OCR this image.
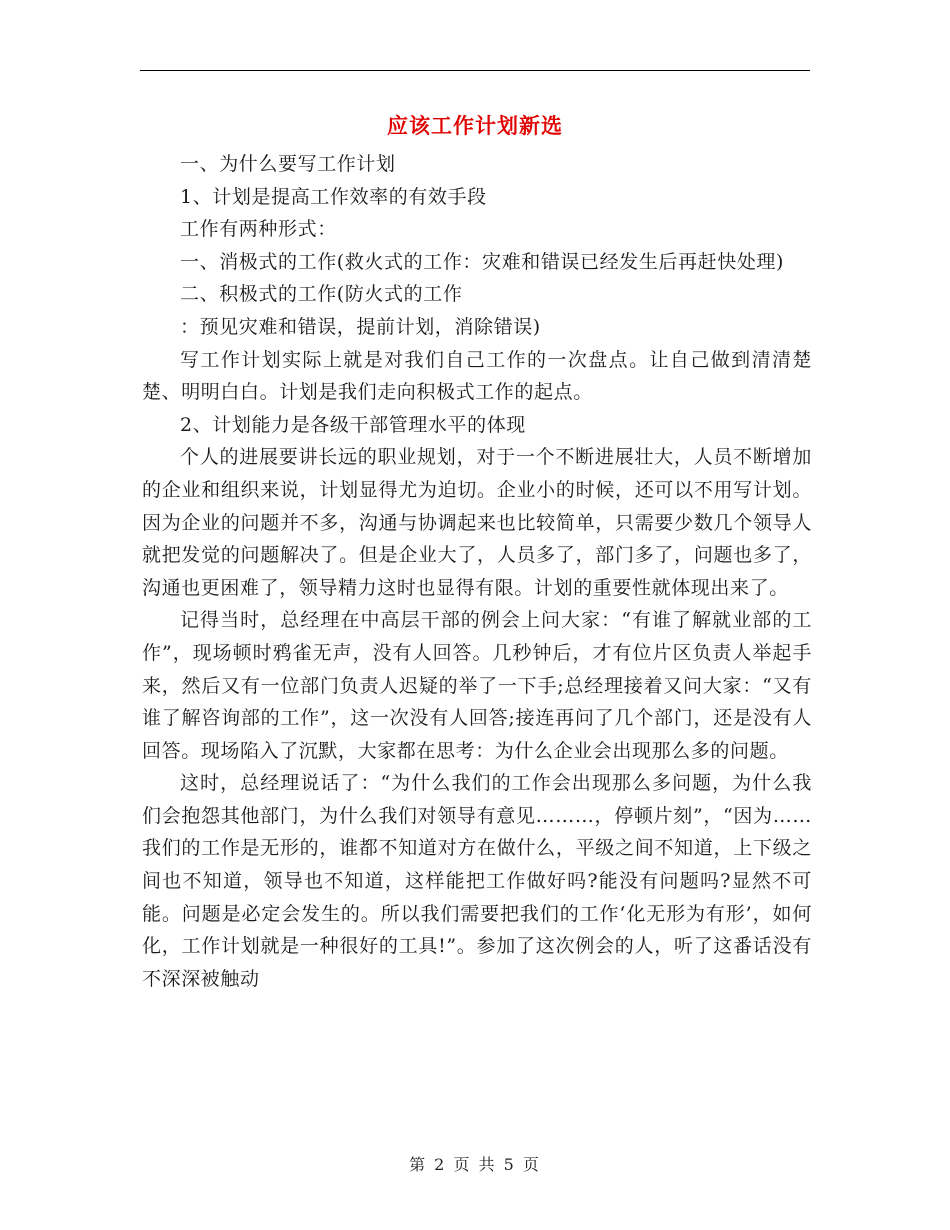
应该工作计划新选

一、为什么要写工作计划

1、计划是提高工作效率的有效手段

工作有两种形式：

一、消极式的工作(救火式的工作：灾难和错误已经发生后再赶快处理)

二、积极式的工作(防火式的工作

：预见灾难和错误，提前计划，消除错误)

写工作计划实际上就是对我们自己工作的一次盘点。让自己做到清清楚楚、明明白白。计划是我们走向积极式工作的起点。

2、计划能力是各级干部管理水平的体现

个人的进展要讲长远的职业规划，对于一个不断进展壮大，人员不断增加的企业和组织来说，计划显得尤为迫切。企业小的时候，还可以不用写计划。因为企业的问题并不多，沟通与协调起来也比较简单，只需要少数几个领导人就把发觉的问题解决了。但是企业大了，人员多了，部门多了，问题也多了，沟通也更困难了，领导精力这时也显得有限。计划的重要性就体现出来了。

记得当时，总经理在中高层干部的例会上问大家：“有谁了解就业部的工作”，现场顿时鸦雀无声，没有人回答。几秒钟后，才有位片区负责人举起手来，然后又有一位部门负责人迟疑的举了一下手;总经理接着又问大家：“又有谁了解咨询部的工作”，这一次没有人回答;接连再问了几个部门，还是没有人回答。现场陷入了沉默，大家都在思考：为什么企业会出现那么多的问题。

这时，总经理说话了：“为什么我们的工作会出现那么多问题，为什么我们会抱怨其他部门，为什么我们对领导有意见………，停顿片刻”，“因为……我们的工作是无形的，谁都不知道对方在做什么，平级之间不知道，上下级之间也不知道，领导也不知道，这样能把工作做好吗?能没有问题吗?显然不可能。问题是必定会发生的。所以我们需要把我们的工作‘化无形为有形’，如何化，工作计划就是一种很好的工具!”。参加了这次例会的人，听了这番话没有不深深被触动

第 2 页 共 5 页
